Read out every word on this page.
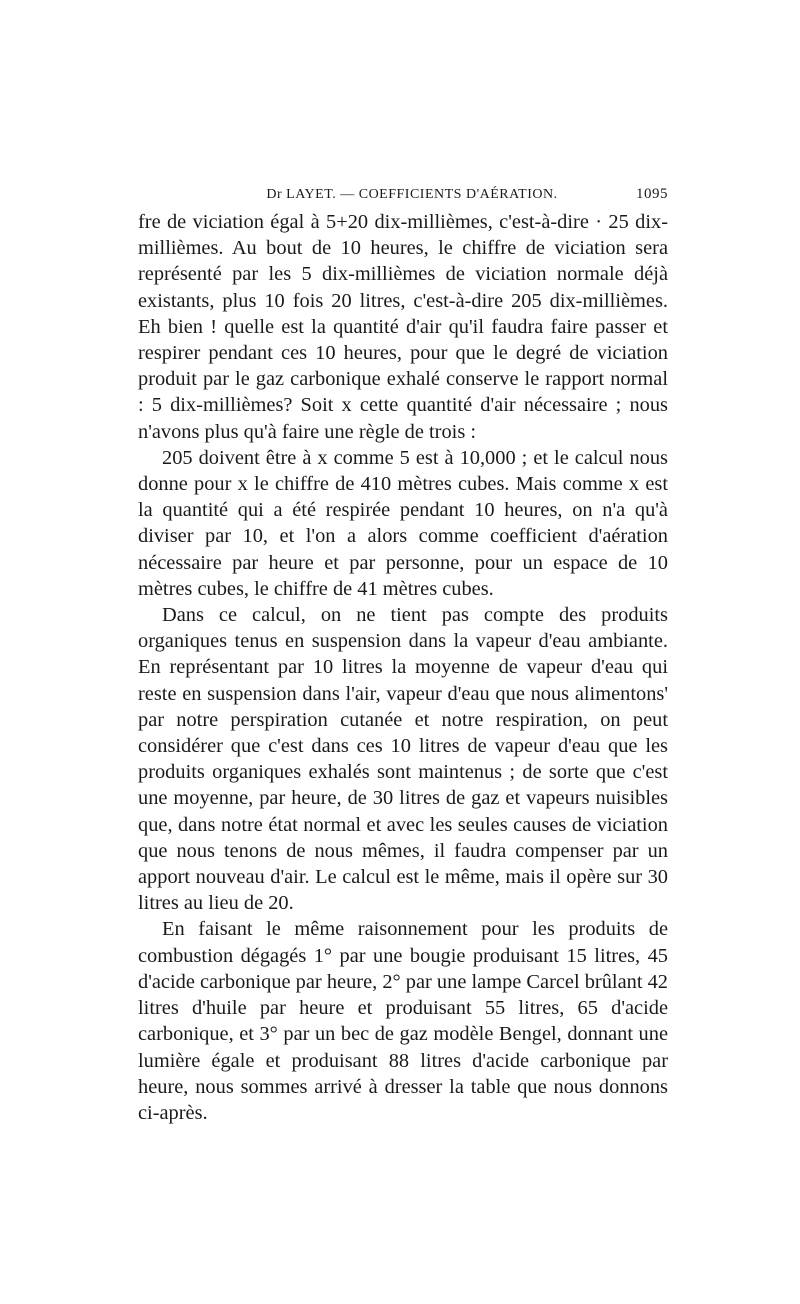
Dr LAYET. — COEFFICIENTS D'AÉRATION.	1095

fre de viciation égal à 5+20 dix-millièmes, c'est-à-dire · 25 dix-millièmes. Au bout de 10 heures, le chiffre de viciation sera représenté par les 5 dix-millièmes de viciation normale déjà existants, plus 10 fois 20 litres, c'est-à-dire 205 dix-millièmes. Eh bien ! quelle est la quantité d'air qu'il faudra faire passer et respirer pendant ces 10 heures, pour que le degré de viciation produit par le gaz carbonique exhalé conserve le rapport normal : 5 dix-millièmes? Soit x cette quantité d'air nécessaire ; nous n'avons plus qu'à faire une règle de trois :

205 doivent être à x comme 5 est à 10,000 ; et le calcul nous donne pour x le chiffre de 410 mètres cubes. Mais comme x est la quantité qui a été respirée pendant 10 heures, on n'a qu'à diviser par 10, et l'on a alors comme coefficient d'aération nécessaire par heure et par personne, pour un espace de 10 mètres cubes, le chiffre de 41 mètres cubes.

Dans ce calcul, on ne tient pas compte des produits organiques tenus en suspension dans la vapeur d'eau ambiante. En représentant par 10 litres la moyenne de vapeur d'eau qui reste en suspension dans l'air, vapeur d'eau que nous alimentons' par notre perspiration cutanée et notre respiration, on peut considérer que c'est dans ces 10 litres de vapeur d'eau que les produits organiques exhalés sont maintenus ; de sorte que c'est une moyenne, par heure, de 30 litres de gaz et vapeurs nuisibles que, dans notre état normal et avec les seules causes de viciation que nous tenons de nous mêmes, il faudra compenser par un apport nouveau d'air. Le calcul est le même, mais il opère sur 30 litres au lieu de 20.

En faisant le même raisonnement pour les produits de combustion dégagés 1° par une bougie produisant 15 litres, 45 d'acide carbonique par heure, 2° par une lampe Carcel brûlant 42 litres d'huile par heure et produisant 55 litres, 65 d'acide carbonique, et 3° par un bec de gaz modèle Bengel, donnant une lumière égale et produisant 88 litres d'acide carbonique par heure, nous sommes arrivé à dresser la table que nous donnons ci-après.
